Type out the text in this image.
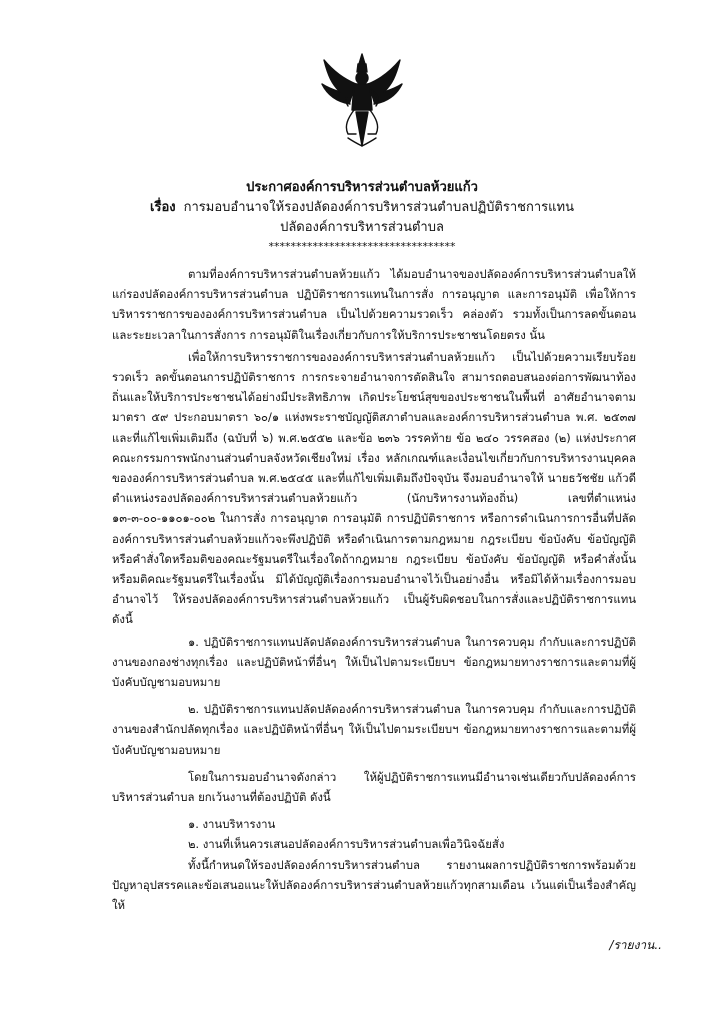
ประกาศองค์การบริหารส่วนตำบลห้วยแก้ว
เรื่อง การมอบอำนาจให้รองปลัดองค์การบริหารส่วนตำบลปฏิบัติราชการแทน
ปลัดองค์การบริหารส่วนตำบล
**********************************

ตามที่องค์การบริหารส่วนตำบลห้วยแก้ว ได้มอบอำนาจของปลัดองค์การบริหารส่วนตำบลให้แก่รองปลัดองค์การบริหารส่วนตำบล ปฏิบัติราชการแทนในการสั่ง การอนุญาต และการอนุมัติ เพื่อให้การบริหารราชการขององค์การบริหารส่วนตำบล เป็นไปด้วยความรวดเร็ว คล่องตัว รวมทั้งเป็นการลดขั้นตอนและระยะเวลาในการสั่งการ การอนุมัติในเรื่องเกี่ยวกับการให้บริการประชาชนโดยตรง นั้น

เพื่อให้การบริหารราชการขององค์การบริหารส่วนตำบลห้วยแก้ว เป็นไปด้วยความเรียบร้อย รวดเร็ว ลดขั้นตอนการปฏิบัติราชการ การกระจายอำนาจการตัดสินใจ สามารถตอบสนองต่อการพัฒนาท้องถิ่นและให้บริการประชาชนได้อย่างมีประสิทธิภาพ เกิดประโยชน์สุขของประชาชนในพื้นที่ อาศัยอำนาจตามมาตรา ๕๙ ประกอบมาตรา ๖๐/๑ แห่งพระราชบัญญัติสภาตำบลและองค์การบริหารส่วนตำบล พ.ศ. ๒๕๓๗ และที่แก้ไขเพิ่มเติมถึง (ฉบับที่ ๖) พ.ศ.๒๕๕๒ และข้อ ๒๓๖ วรรคท้าย ข้อ ๒๔๐ วรรคสอง (๒) แห่งประกาศคณะกรรมการพนักงานส่วนตำบลจังหวัดเชียงใหม่ เรื่อง หลักเกณฑ์และเงื่อนไขเกี่ยวกับการบริหารงานบุคคลขององค์การบริหารส่วนตำบล พ.ศ.๒๕๔๕ และที่แก้ไขเพิ่มเติมถึงปัจจุบัน จึงมอบอำนาจให้ นายธวัชชัย แก้วดี ตำแหน่งรองปลัดองค์การบริหารส่วนตำบลห้วยแก้ว (นักบริหารงานท้องถิ่น) เลขที่ตำแหน่ง ๑๓-๓-๐๐-๑๑๐๑-๐๐๒ ในการสั่ง การอนุญาต การอนุมัติ การปฏิบัติราชการ หรือการดำเนินการการอื่นที่ปลัดองค์การบริหารส่วนตำบลห้วยแก้วจะพึงปฏิบัติ หรือดำเนินการตามกฎหมาย กฎระเบียบ ข้อบังคับ ข้อบัญญัติหรือคำสั่งใดหรือมติของคณะรัฐมนตรีในเรื่องใดถ้ากฎหมาย กฎระเบียบ ข้อบังคับ ข้อบัญญัติ หรือคำสั่งนั้น หรือมติคณะรัฐมนตรีในเรื่องนั้น มิได้บัญญัติเรื่องการมอบอำนาจไว้เป็นอย่างอื่น หรือมิได้ห้ามเรื่องการมอบอำนาจไว้ ให้รองปลัดองค์การบริหารส่วนตำบลห้วยแก้ว เป็นผู้รับผิดชอบในการสั่งและปฏิบัติราชการแทน ดังนี้

๑. ปฏิบัติราชการแทนปลัดปลัดองค์การบริหารส่วนตำบล ในการควบคุม กำกับและการปฏิบัติงานของกองช่างทุกเรื่อง และปฏิบัติหน้าที่อื่นๆ ให้เป็นไปตามระเบียบฯ ข้อกฎหมายทางราชการและตามที่ผู้บังคับบัญชามอบหมาย

๒. ปฏิบัติราชการแทนปลัดปลัดองค์การบริหารส่วนตำบล ในการควบคุม กำกับและการปฏิบัติงานของสำนักปลัดทุกเรื่อง และปฏิบัติหน้าที่อื่นๆ ให้เป็นไปตามระเบียบฯ ข้อกฎหมายทางราชการและตามที่ผู้บังคับบัญชามอบหมาย

โดยในการมอบอำนาจดังกล่าว ให้ผู้ปฏิบัติราชการแทนมีอำนาจเช่นเดียวกับปลัดองค์การบริหารส่วนตำบล ยกเว้นงานที่ต้องปฏิบัติ ดังนี้

๑. งานบริหารงาน

๒. งานที่เห็นควรเสนอปลัดองค์การบริหารส่วนตำบลเพื่อวินิจฉัยสั่ง

ทั้งนี้กำหนดให้รองปลัดองค์การบริหารส่วนตำบล รายงานผลการปฏิบัติราชการพร้อมด้วยปัญหาอุปสรรคและข้อเสนอแนะให้ปลัดองค์การบริหารส่วนตำบลห้วยแก้วทุกสามเดือน เว้นแต่เป็นเรื่องสำคัญให้

/รายงาน..
